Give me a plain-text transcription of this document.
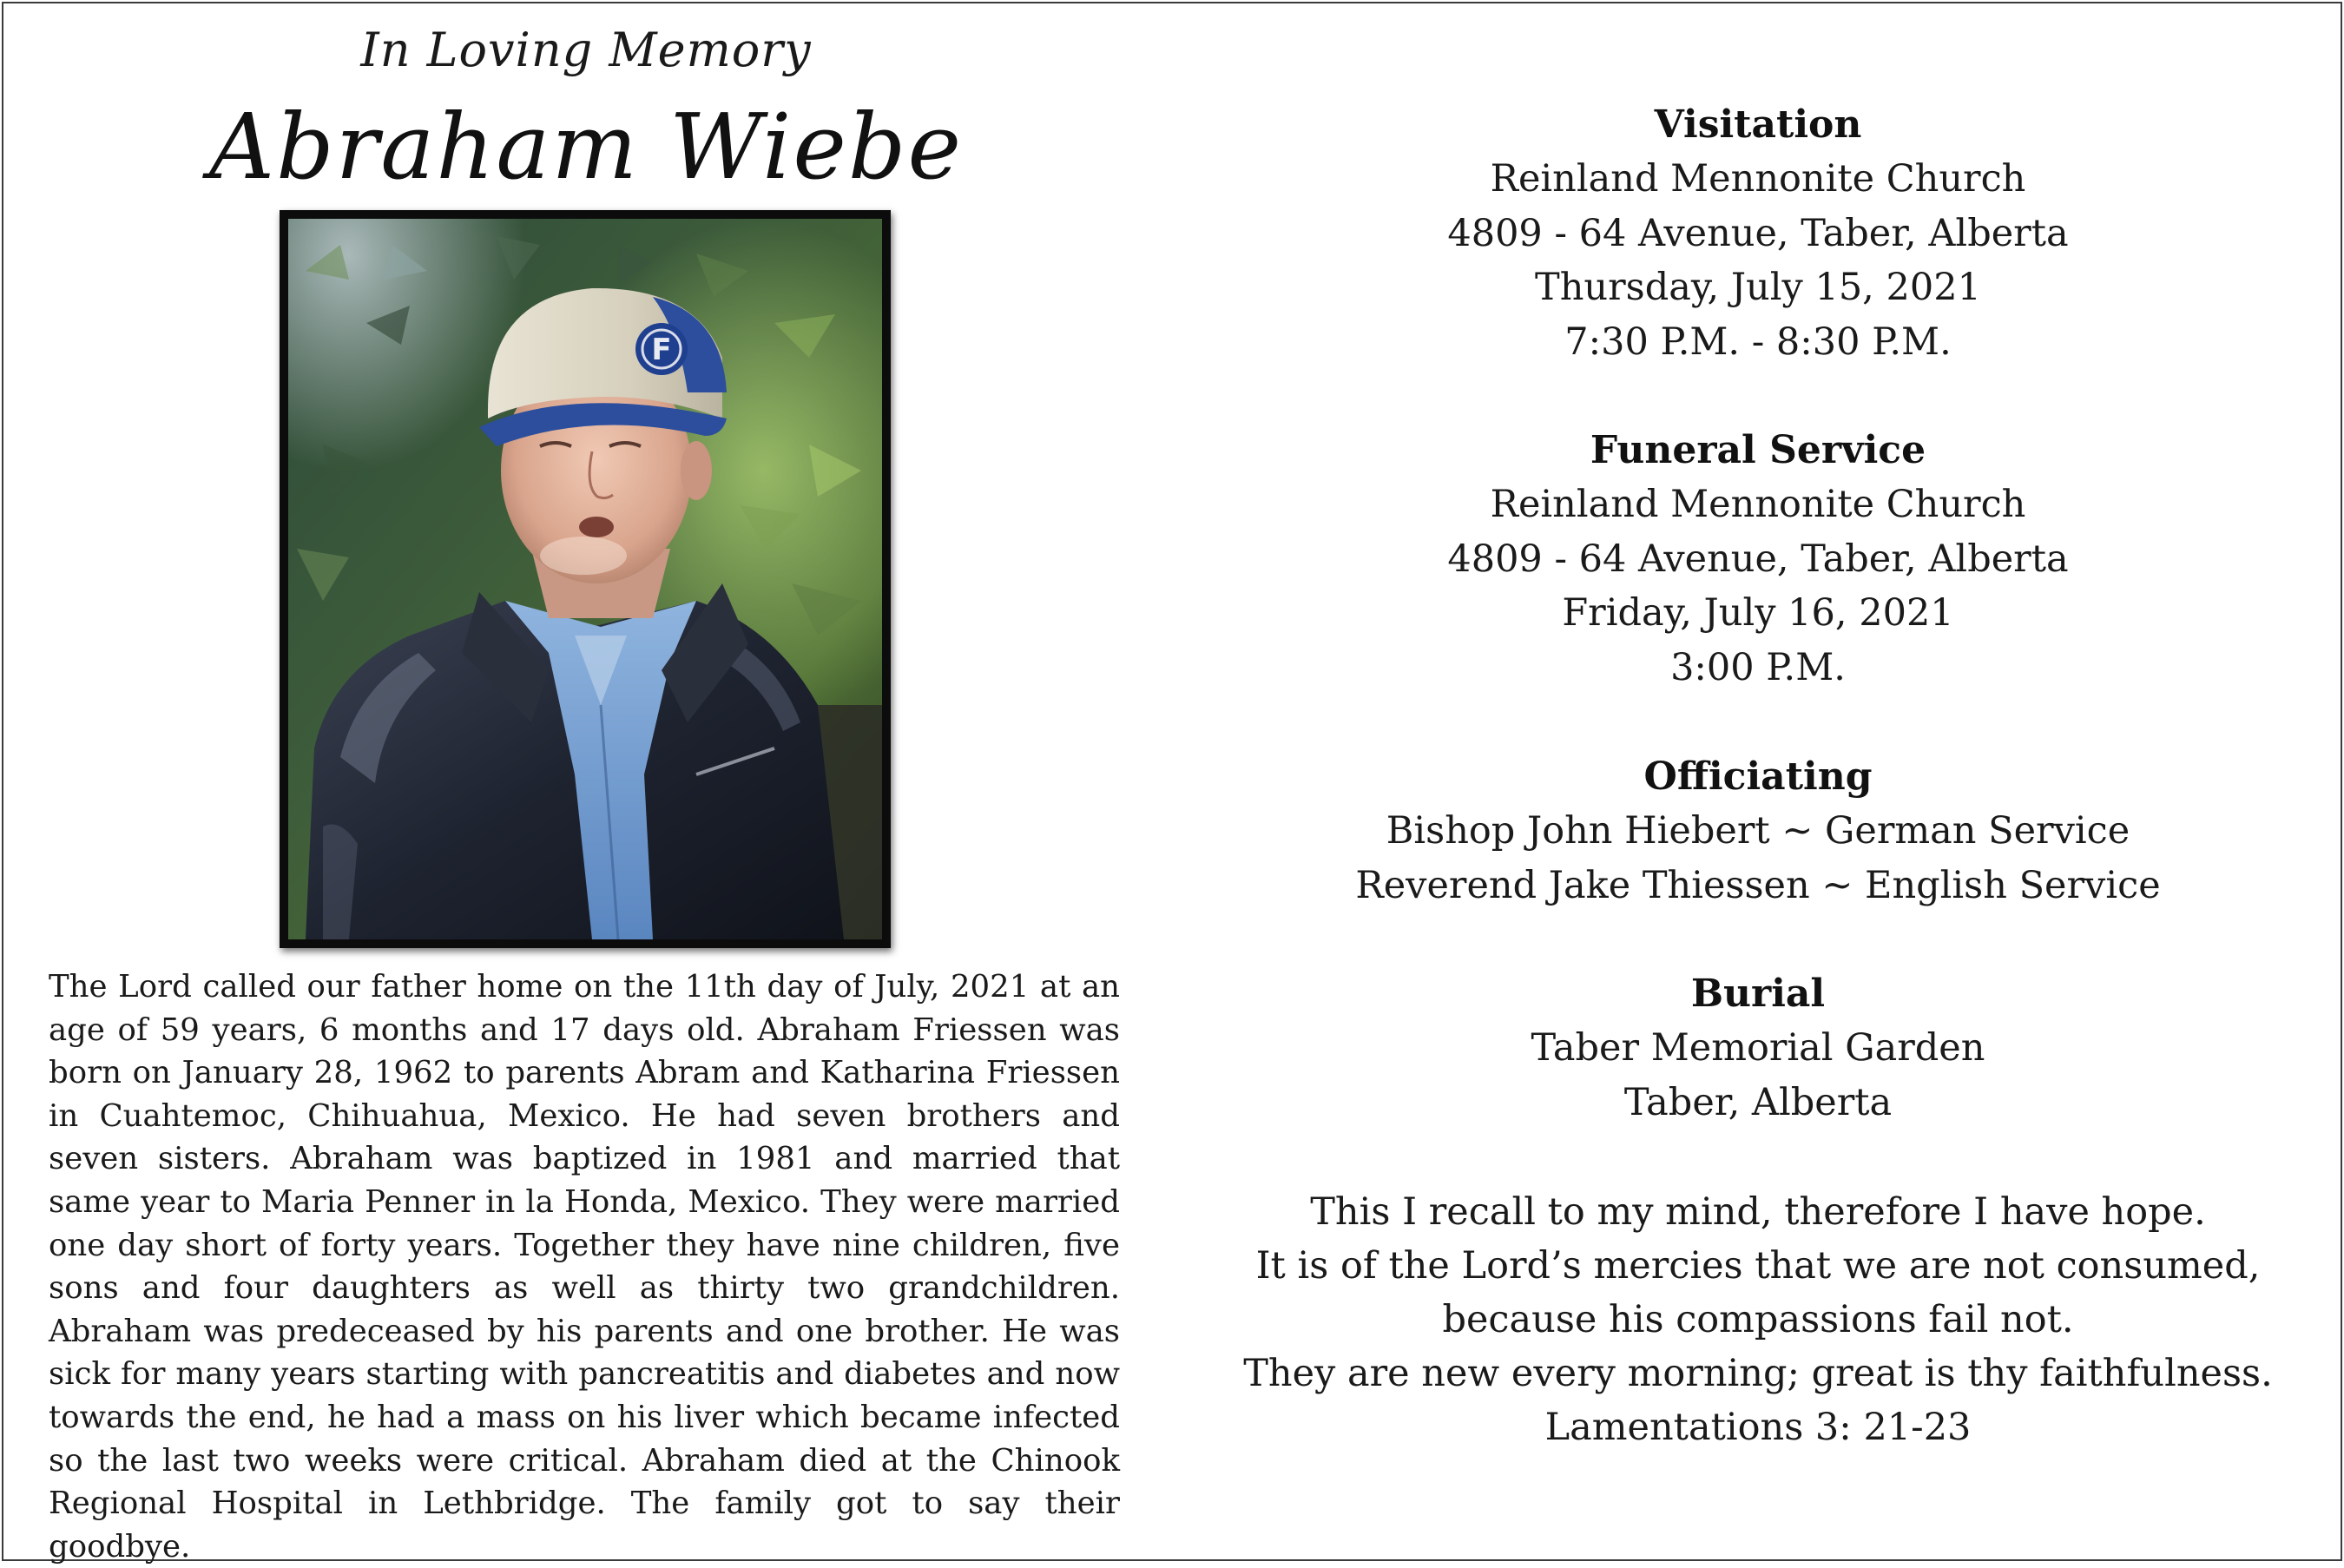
In Loving Memory
Abraham Wiebe
F
The Lord called our father home on the 11th day of July, 2021 at an age of 59 years, 6 months and 17 days old. Abraham Friessen was born on January 28, 1962 to parents Abram and Katharina Friessen in Cuahtemoc, Chihuahua, Mexico. He had seven brothers and seven sisters. Abraham was baptized in 1981 and married that same year to Maria Penner in la Honda, Mexico. They were married one day short of forty years. Together they have nine children, five sons and four daughters as well as thirty two grandchildren. Abraham was predeceased by his parents and one brother. He was sick for many years starting with pancreatitis and diabetes and now towards the end, he had a mass on his liver which became infected so the last two weeks were critical. Abraham died at the Chinook Regional Hospital in Lethbridge. The family got to say their goodbye.
Visitation
Reinland Mennonite Church
4809 - 64 Avenue, Taber, Alberta
Thursday, July 15, 2021
7:30 P.M. - 8:30 P.M.
Funeral Service
Reinland Mennonite Church
4809 - 64 Avenue, Taber, Alberta
Friday, July 16, 2021
3:00 P.M.
Officiating
Bishop John Hiebert ~ German Service
Reverend Jake Thiessen ~ English Service
Burial
Taber Memorial Garden
Taber, Alberta
This I recall to my mind, therefore I have hope.
It is of the Lord’s mercies that we are not consumed,
because his compassions fail not.
They are new every morning; great is thy faithfulness.
Lamentations 3: 21-23
